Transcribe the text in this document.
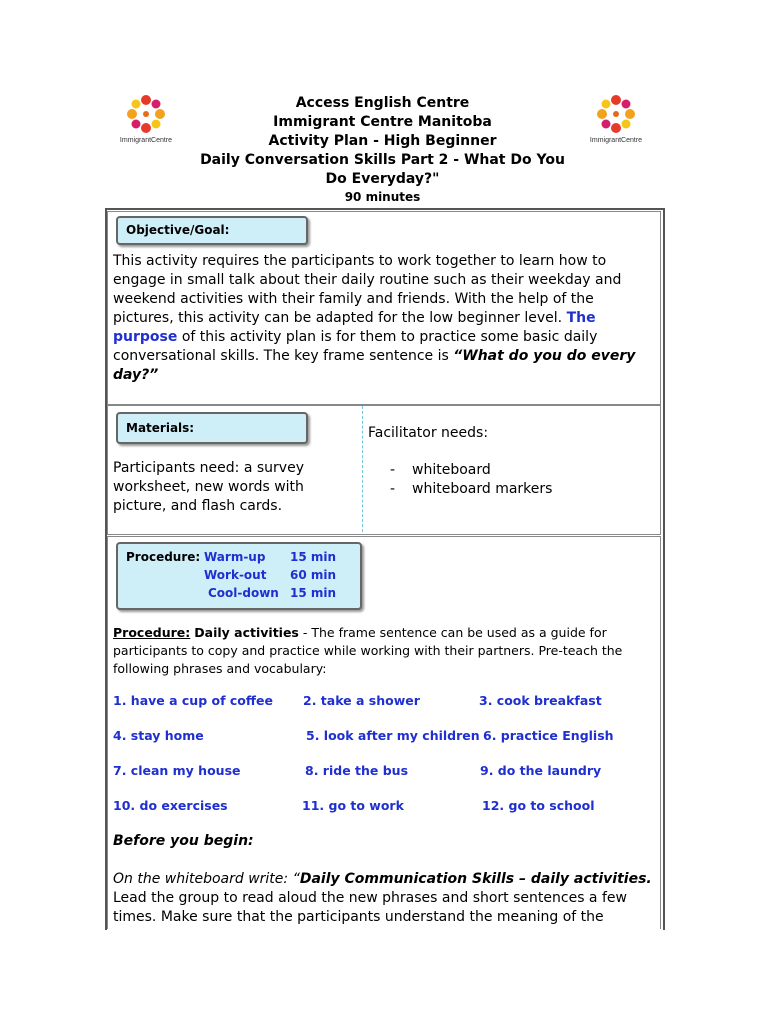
ImmigrantCentre	ImmigrantCentre
Access English Centre
Immigrant Centre Manitoba
Activity Plan - High Beginner
Daily Conversation Skills Part 2 - What Do You Do Everyday?"
90 minutes
Objective/Goal:
This activity requires the participants to work together to learn how to engage in small talk about their daily routine such as their weekday and weekend activities with their family and friends. With the help of the pictures, this activity can be adapted for the low beginner level. The purpose of this activity plan is for them to practice some basic daily conversational skills. The key frame sentence is “What do you do every day?”
Materials:
Participants need: a survey worksheet, new words with picture, and flash cards.
Facilitator needs:
- whiteboard
- whiteboard markers
Procedure: Warm-up	15 min
Work-out	60 min
Cool-down 15 min
Procedure: Daily activities - The frame sentence can be used as a guide for participants to copy and practice while working with their partners. Pre-teach the following phrases and vocabulary:
1. have a cup of coffee 2. take a shower	3. cook breakfast
4. stay home	5. look after my children 6. practice English
7. clean my house	8. ride the bus	9. do the laundry
10. do exercises	11. go to work	12. go to school
Before you begin:
On the whiteboard write: “Daily Communication Skills – daily activities. Lead the group to read aloud the new phrases and short sentences a few times. Make sure that the participants understand the meaning of the
